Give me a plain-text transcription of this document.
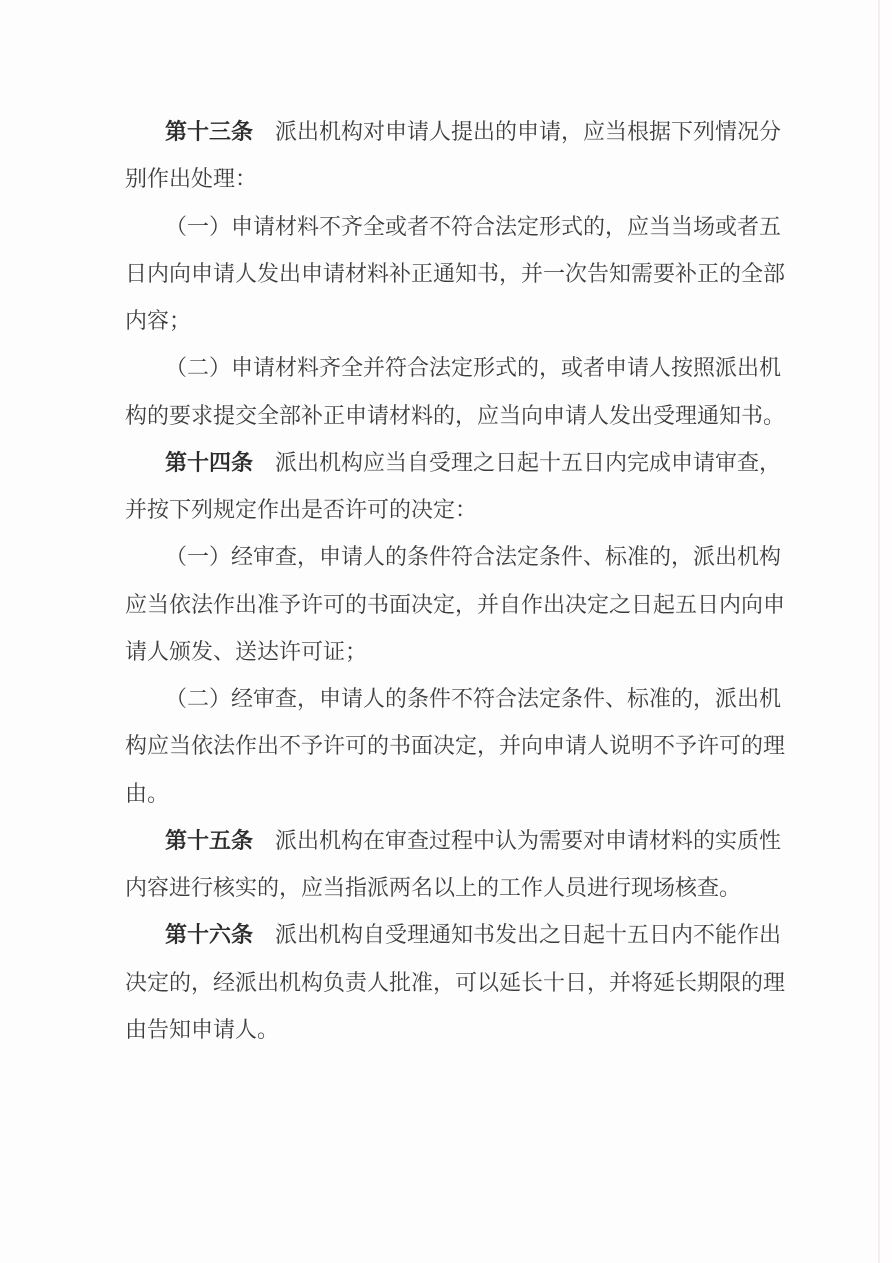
第十三条　派出机构对申请人提出的申请，应当根据下列情况分
别作出处理：
（一）申请材料不齐全或者不符合法定形式的，应当当场或者五
日内向申请人发出申请材料补正通知书，并一次告知需要补正的全部
内容；
（二）申请材料齐全并符合法定形式的，或者申请人按照派出机
构的要求提交全部补正申请材料的，应当向申请人发出受理通知书。
第十四条　派出机构应当自受理之日起十五日内完成申请审查，
并按下列规定作出是否许可的决定：
（一）经审查，申请人的条件符合法定条件、标准的，派出机构
应当依法作出准予许可的书面决定，并自作出决定之日起五日内向申
请人颁发、送达许可证；
（二）经审查，申请人的条件不符合法定条件、标准的，派出机
构应当依法作出不予许可的书面决定，并向申请人说明不予许可的理
由。
第十五条　派出机构在审查过程中认为需要对申请材料的实质性
内容进行核实的，应当指派两名以上的工作人员进行现场核查。
第十六条　派出机构自受理通知书发出之日起十五日内不能作出
决定的，经派出机构负责人批准，可以延长十日，并将延长期限的理
由告知申请人。
